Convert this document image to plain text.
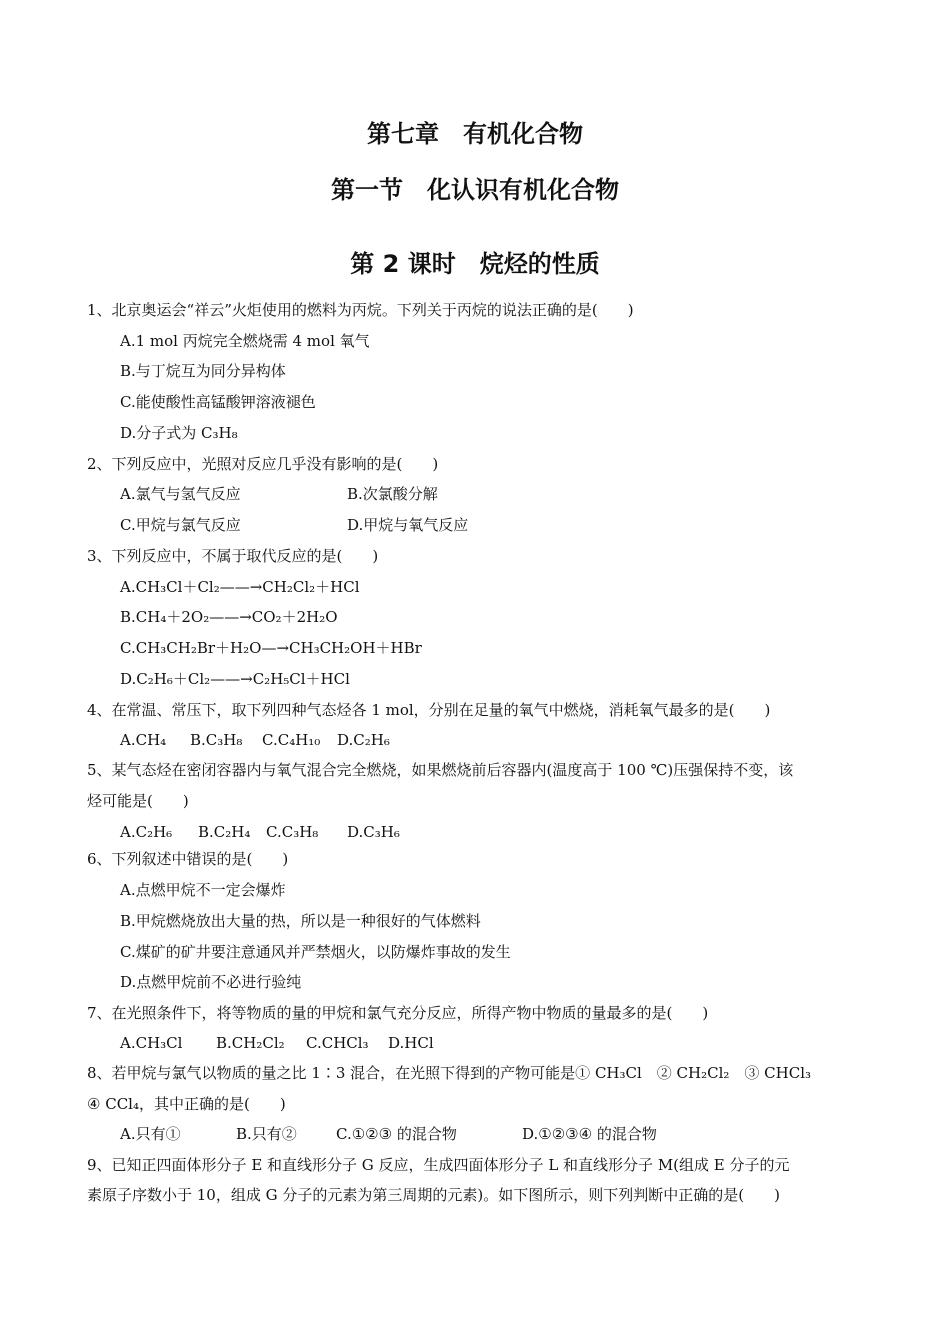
第七章　有机化合物
第一节　化认识有机化合物
第 2 课时　烷烃的性质
1、北京奥运会“祥云”火炬使用的燃料为丙烷。下列关于丙烷的说法正确的是(　　)
A.1 mol 丙烷完全燃烧需 4 mol 氧气
B.与丁烷互为同分异构体
C.能使酸性高锰酸钾溶液褪色
D.分子式为 C₃H₈
2、下列反应中，光照对反应几乎没有影响的是(　　)
A.氯气与氢气反应	B.次氯酸分解
C.甲烷与氯气反应	D.甲烷与氧气反应
3、下列反应中，不属于取代反应的是(　　)
A.CH₃Cl＋Cl₂——→CH₂Cl₂＋HCl
B.CH₄＋2O₂——→CO₂＋2H₂O
C.CH₃CH₂Br＋H₂O—→CH₃CH₂OH＋HBr
D.C₂H₆＋Cl₂——→C₂H₅Cl＋HCl
4、在常温、常压下，取下列四种气态烃各 1 mol，分别在足量的氧气中燃烧，消耗氧气最多的是(　　)
A.CH₄ B.C₃H₈ C.C₄H₁₀ D.C₂H₆
5、某气态烃在密闭容器内与氧气混合完全燃烧，如果燃烧前后容器内(温度高于 100 ℃)压强保持不变，该
烃可能是(　　)
A.C₂H₆ B.C₂H₄ C.C₃H₈ D.C₃H₆
6、下列叙述中错误的是(　　)
A.点燃甲烷不一定会爆炸
B.甲烷燃烧放出大量的热，所以是一种很好的气体燃料
C.煤矿的矿井要注意通风并严禁烟火，以防爆炸事故的发生
D.点燃甲烷前不必进行验纯
7、在光照条件下，将等物质的量的甲烷和氯气充分反应，所得产物中物质的量最多的是(　　)
A.CH₃Cl B.CH₂Cl₂ C.CHCl₃ D.HCl
8、若甲烷与氯气以物质的量之比 1∶3 混合，在光照下得到的产物可能是① CH₃Cl　② CH₂Cl₂　③ CHCl₃
④ CCl₄，其中正确的是(　　)
A.只有①	B.只有②	C.①②③ 的混合物	D.①②③④ 的混合物
9、已知正四面体形分子 E 和直线形分子 G 反应，生成四面体形分子 L 和直线形分子 M(组成 E 分子的元
素原子序数小于 10，组成 G 分子的元素为第三周期的元素)。如下图所示，则下列判断中正确的是(　　)
